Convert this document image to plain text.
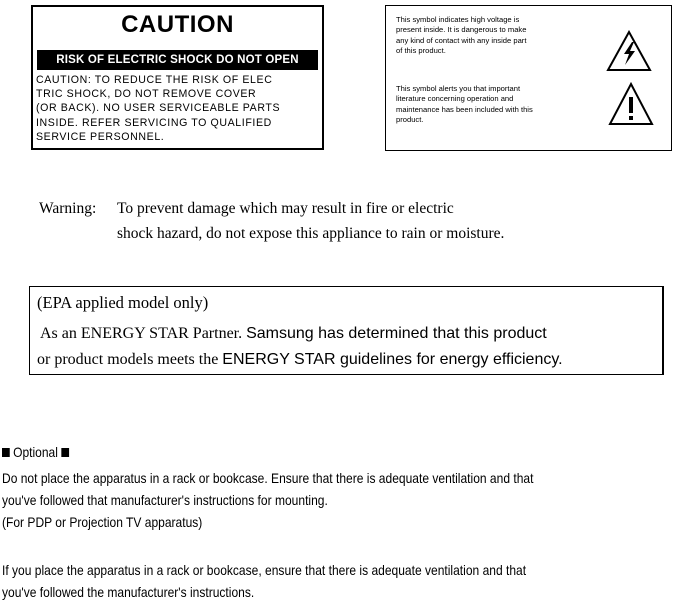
CAUTION
RISK OF ELECTRIC SHOCK DO NOT OPEN
CAUTION: TO REDUCE THE RISK OF ELEC
TRIC SHOCK, DO NOT REMOVE COVER
(OR BACK). NO USER SERVICEABLE PARTS
INSIDE. REFER SERVICING TO QUALIFIED
SERVICE PERSONNEL.
This symbol indicates high voltage is
present inside. It is dangerous to make
any kind of contact with any inside part
of this product.
This symbol alerts you that important
literature concerning operation and
maintenance has been included with this
product.
Warning: To prevent damage which may result in fire or electric
shock hazard, do not expose this appliance to rain or moisture.
(EPA applied model only)
As an ENERGY STAR Partner. Samsung has determined that this product
or product models meets the ENERGY STAR guidelines for energy efficiency.
Optional
Do not place the apparatus in a rack or bookcase. Ensure that there is adequate ventilation and that
you've followed that manufacturer's instructions for mounting.
(For PDP or Projection TV apparatus)
If you place the apparatus in a rack or bookcase, ensure that there is adequate ventilation and that
you've followed the manufacturer's instructions.
